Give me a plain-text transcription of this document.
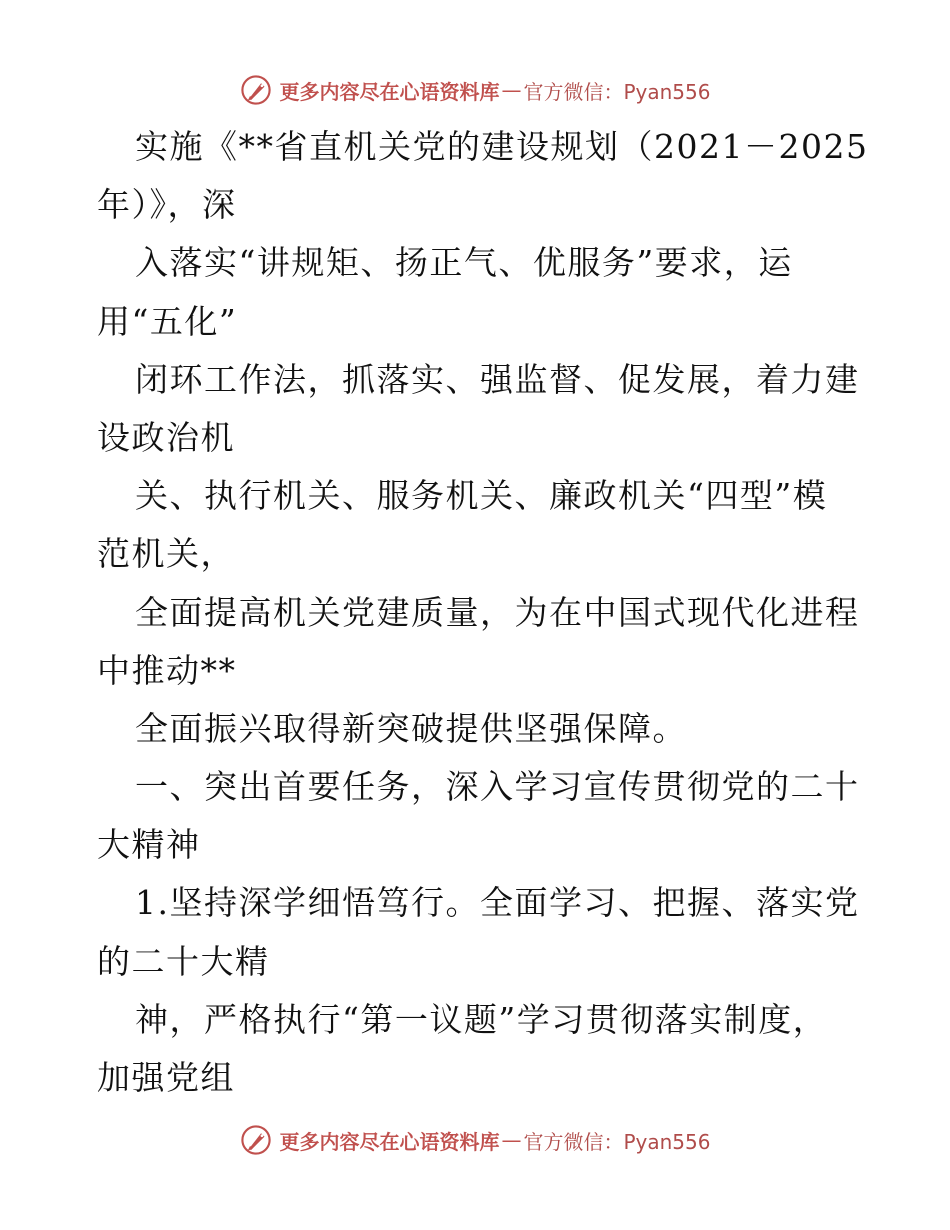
更多内容尽在心语资料库 — 官方微信：Pyan556
实施《**省直机关党的建设规划（2021－2025
年）》，深
入落实“讲规矩、扬正气、优服务”要求，运
用“五化”
闭环工作法，抓落实、强监督、促发展，着力建
设政治机
关、执行机关、服务机关、廉政机关“四型”模
范机关，
全面提高机关党建质量，为在中国式现代化进程
中推动**
全面振兴取得新突破提供坚强保障。
一、突出首要任务，深入学习宣传贯彻党的二十
大精神
1.坚持深学细悟笃行。全面学习、把握、落实党
的二十大精
神，严格执行“第一议题”学习贯彻落实制度，
加强党组
更多内容尽在心语资料库 — 官方微信：Pyan556
